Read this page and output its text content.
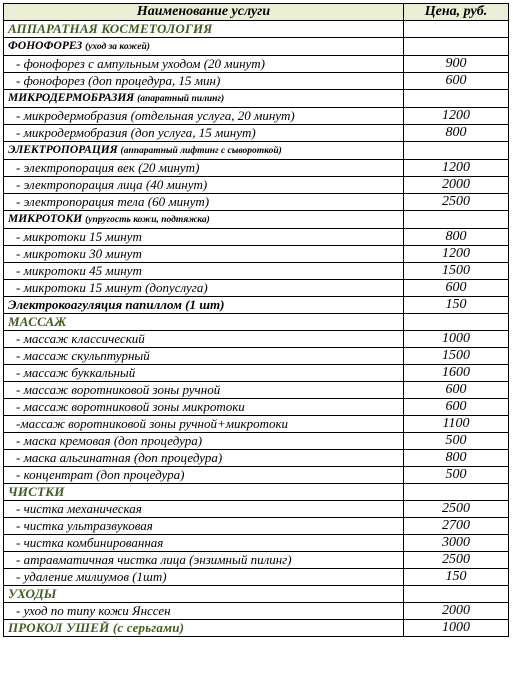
Наименование услуги	Цена, руб.
АППАРАТНАЯ КОСМЕТОЛОГИЯ	
ФОНОФОРЕЗ (уход за кожей)	
- фонофорез с ампульным уходом (20 минут)	900
- фонофорез (доп процедура, 15 мин)	600
МИКРОДЕРМОБРАЗИЯ (апаратный пилинг)	
- микродермобразия (отдельная услуга, 20 минут)	1200
- микродермобразия (доп услуга, 15 минут)	800
ЭЛЕКТРОПОРАЦИЯ (аппаратный лифтинг с сывороткой)	
- электропорация век (20 минут)	1200
- электропорация лица (40 минут)	2000
- электропорация тела (60 минут)	2500
МИКРОТОКИ (упругость кожи, подтяжка)	
- микротоки 15 минут	800
- микротоки 30 минут	1200
- микротоки 45 минут	1500
- микротоки 15 минут (допуслуга)	600
Электрокоагуляция папиллом (1 шт)	150
МАССАЖ	
- массаж классический	1000
- массаж скульптурный	1500
- массаж буккальный	1600
- массаж воротниковой зоны ручной	600
- массаж воротниковой зоны микротоки	600
-массаж воротниковой зоны ручной+микротоки	1100
- маска кремовая (доп процедура)	500
- маска альгинатная (доп процедура)	800
- концентрат (доп процедура)	500
ЧИСТКИ	
- чистка механическая	2500
- чистка ультразвуковая	2700
- чистка комбинированная	3000
- атравматичная чистка лица (энзимный пилинг)	2500
- удаление милиумов (1шт)	150
УХОДЫ	
- уход по типу кожи Янссен	2000
ПРОКОЛ УШЕЙ (с серьгами)	1000
